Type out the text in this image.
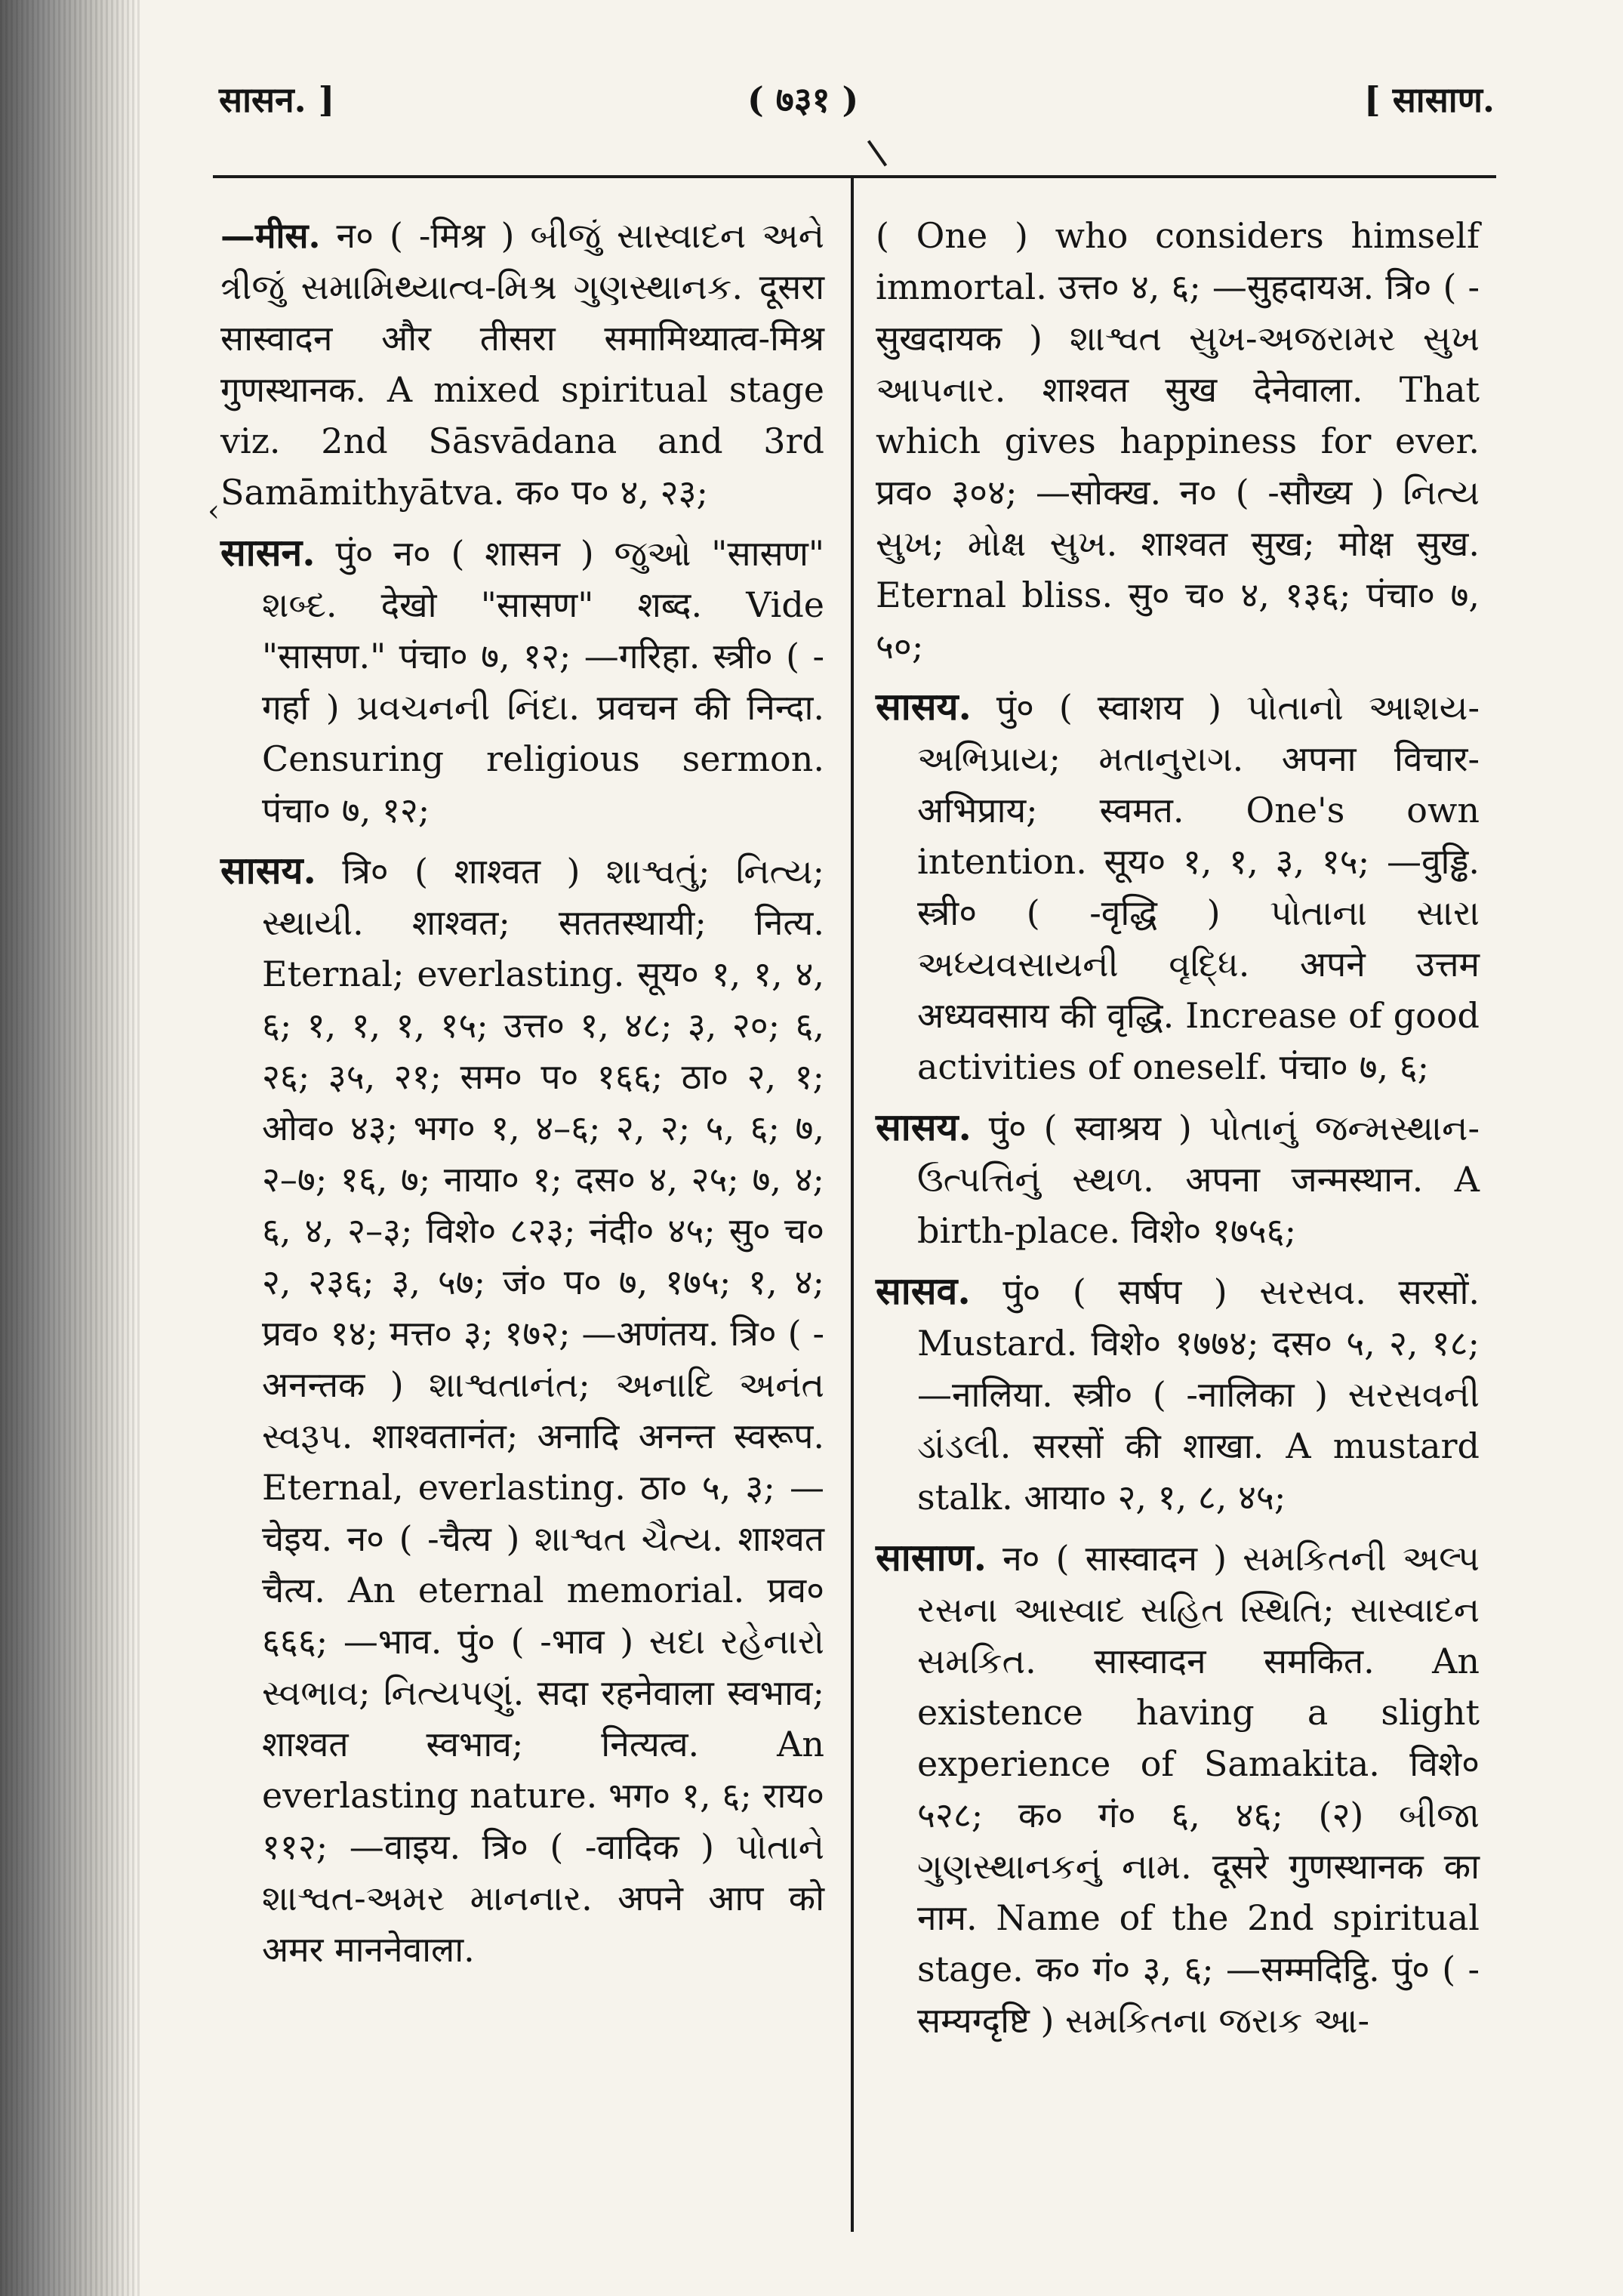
सासन. ]	( ७३१ )	[ सासाण.
‹

—मीस. न० ( -मिश्र ) બીજું સાસ્વાદન અને ત્રીજું સમામિથ્યાત્વ-મિશ્ર ગુણસ્થાનક. दूसरा सास्वादन और तीसरा समामिथ्यात्व-मिश्र गुणस्थानक. A mixed spiritual stage viz. 2nd Sāsvādana and 3rd Samāmithyātva. क० प० ४, २३;

सासन. पुं० न० ( शासन ) જુઓ "सासण" શબ્દ. देखो "सासण" शब्द. Vide "सासण." पंचा० ७, १२; —गरिहा. स्त्री० ( -गर्हा ) પ્રવચનની નિંદા. प्रवचन की निन्दा. Censuring religious sermon. पंचा० ७, १२;

सासय. त्रि० ( शाश्वत ) શાશ્વતું; નિત્ય; સ્થાયી. शाश्वत; सततस्थायी; नित्य. Eternal; everlasting. सूय० १, १, ४, ६; १, १, १, १५; उत्त० १, ४८; ३, २०; ६, २६; ३५, २१; सम० प० १६६; ठा० २, १; ओव० ४३; भग० १, ४–६; २, २; ५, ६; ७, २–७; १६, ७; नाया० १; दस० ४, २५; ७, ४; ६, ४, २–३; विशे० ८२३; नंदी० ४५; सु० च० २, २३६; ३, ५७; जं० प० ७, १७५; १, ४; प्रव० १४; मत्त० ३; १७२; —अणंतय. त्रि० ( -अनन्तक ) શાશ્વતાનંત; અનાદિ અનંત સ્વરૂપ. शाश्वतानंत; अनादि अनन्त स्वरूप. Eternal, everlasting. ठा० ५, ३; —चेइय. न० ( -चैत्य ) શાશ્વત ચૈત્ય. शाश्वत चैत्य. An eternal memorial. प्रव० ६६६; —भाव. पुं० ( -भाव ) સદા રહેનારો સ્વભાવ; નિત્યપણું. सदा रहनेवाला स्वभाव; शाश्वत स्वभाव; नित्यत्व. An everlasting nature. भग० १, ६; राय० ११२; —वाइय. त्रि० ( -वादिक ) પોતાને શાશ્વત-અમર માનનાર. अपने आप को अमर माननेवाला.

( One ) who considers himself immortal. उत्त० ४, ६; —सुहदायअ. त्रि० ( -सुखदायक ) શાશ્વત સુખ-અજરામર સુખ આપનાર. शाश्वत सुख देनेवाला. That which gives happiness for ever. प्रव० ३०४; —सोक्ख. न० ( -सौख्य ) નિત્ય સુખ; મોક્ષ સુખ. शाश्वत सुख; मोक्ष सुख. Eternal bliss. सु० च० ४, १३६; पंचा० ७, ५०;

सासय. पुं० ( स्वाशय ) પોતાનો આશય-અભિપ્રાય; મતાનુરાગ. अपना विचार-अभिप्राय; स्वमत. One's own intention. सूय० १, १, ३, १५; —वुड्ढि. स्त्री० ( -वृद्धि ) પોતાના સારા અધ્યવસાયની વૃદ્ધિ. अपने उत्तम अध्यवसाय की वृद्धि. Increase of good activities of oneself. पंचा० ७, ६;

सासय. पुं० ( स्वाश्रय ) પોતાનું જન્મસ્થાન-ઉત્પત્તિનું સ્થળ. अपना जन्मस्थान. A birth-place. विशे० १७५६;

सासव. पुं० ( सर्षप ) સરસવ. सरसों. Mustard. विशे० १७७४; दस० ५, २, १८; —नालिया. स्त्री० ( -नालिका ) સરસવની ડાંડલી. सरसों की शाखा. A mustard stalk. आया० २, १, ८, ४५;

सासाण. न० ( सास्वादन ) સમકિતની અલ્પ રસના આસ્વાદ સહિત સ્થિતિ; સાસ્વાદન સમકિત. सास्वादन समकित. An existence having a slight experience of Samakita. विशे० ५२८; क० गं० ६, ४६; (२) બીજા ગુણસ્થાનકનું નામ. दूसरे गुणस्थानक का नाम. Name of the 2nd spiritual stage. क० गं० ३, ६; —सम्मदिट्ठि. पुं० ( -सम्यग्दृष्टि ) સમકિતના જરાક આ-
